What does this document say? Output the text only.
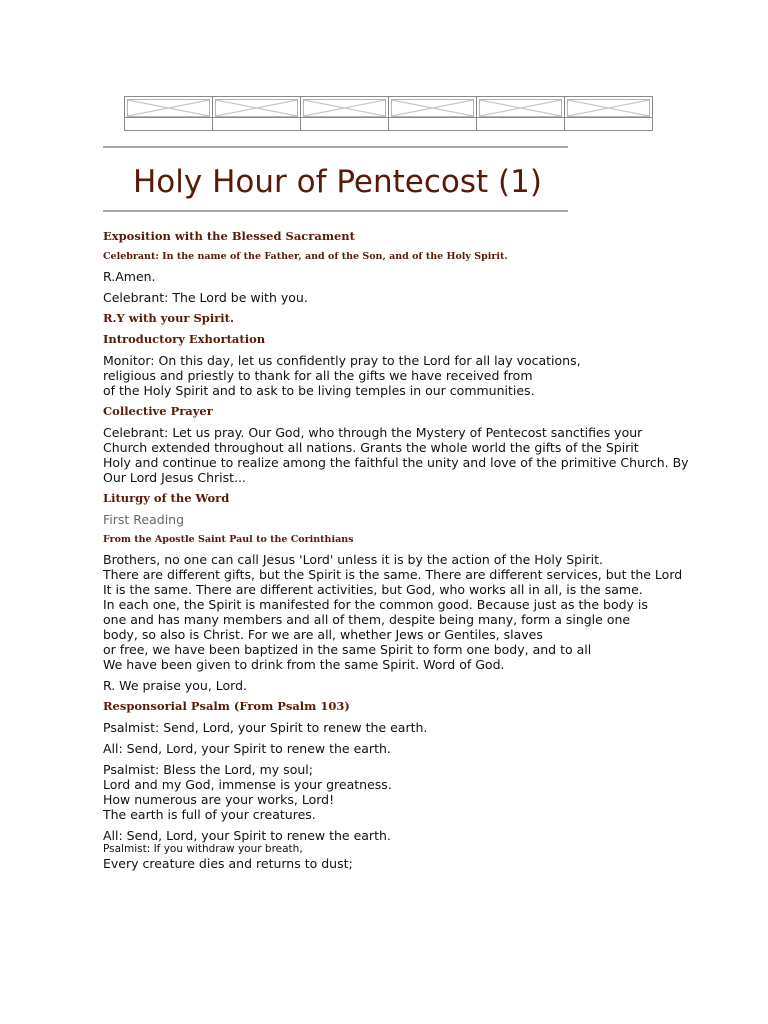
Holy Hour of Pentecost (1)

Exposition with the Blessed Sacrament

Celebrant: In the name of the Father, and of the Son, and of the Holy Spirit.

R.Amen.

Celebrant: The Lord be with you.

R.Y with your Spirit.

Introductory Exhortation

Monitor: On this day, let us confidently pray to the Lord for all lay vocations,
religious and priestly to thank for all the gifts we have received from
of the Holy Spirit and to ask to be living temples in our communities.

Collective Prayer

Celebrant: Let us pray. Our God, who through the Mystery of Pentecost sanctifies your
Church extended throughout all nations. Grants the whole world the gifts of the Spirit
Holy and continue to realize among the faithful the unity and love of the primitive Church. By
Our Lord Jesus Christ...

Liturgy of the Word

First Reading

From the Apostle Saint Paul to the Corinthians

Brothers, no one can call Jesus 'Lord' unless it is by the action of the Holy Spirit.
There are different gifts, but the Spirit is the same. There are different services, but the Lord
It is the same. There are different activities, but God, who works all in all, is the same.
In each one, the Spirit is manifested for the common good. Because just as the body is
one and has many members and all of them, despite being many, form a single one
body, so also is Christ. For we are all, whether Jews or Gentiles, slaves
or free, we have been baptized in the same Spirit to form one body, and to all
We have been given to drink from the same Spirit. Word of God.

R. We praise you, Lord.

Responsorial Psalm (From Psalm 103)

Psalmist: Send, Lord, your Spirit to renew the earth.

All: Send, Lord, your Spirit to renew the earth.

Psalmist: Bless the Lord, my soul;
Lord and my God, immense is your greatness.
How numerous are your works, Lord!
The earth is full of your creatures.

All: Send, Lord, your Spirit to renew the earth.

Psalmist: If you withdraw your breath,

Every creature dies and returns to dust;
